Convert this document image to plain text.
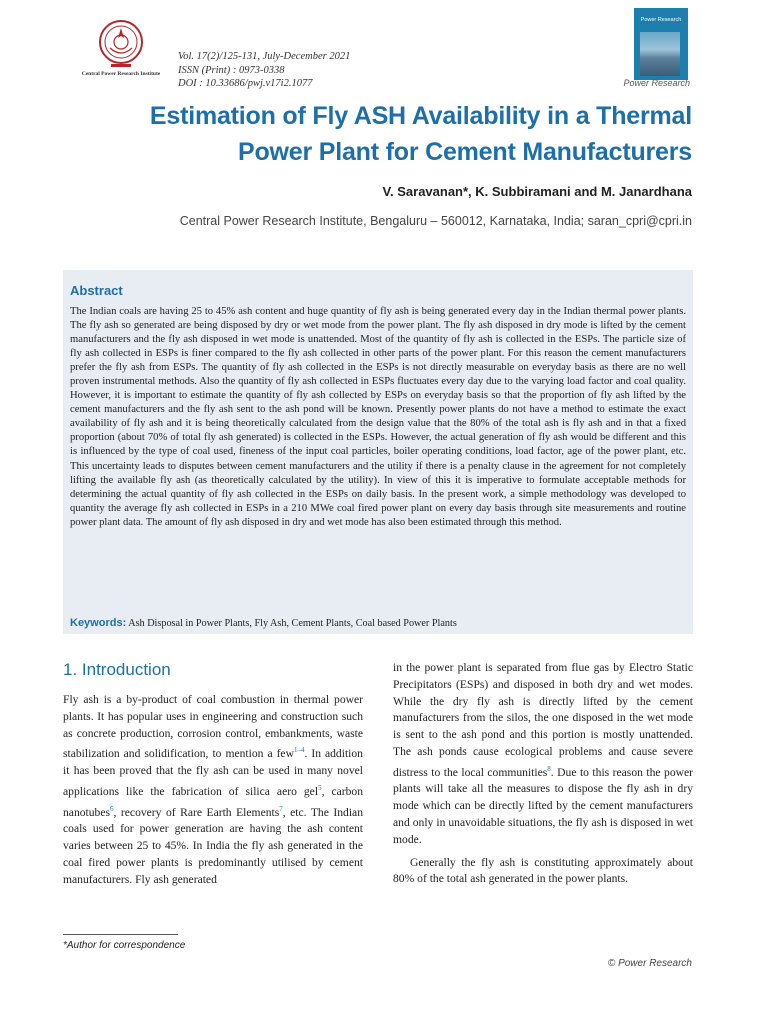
Central Power Research Institute
Vol. 17(2)/125-131, July-December 2021
ISSN (Print) : 0973-0338
DOI : 10.33686/pwj.v17i2.1077
Power Research
Power Research
Estimation of Fly ASH Availability in a Thermal
Power Plant for Cement Manufacturers
V. Saravanan*, K. Subbiramani and M. Janardhana
Central Power Research Institute, Bengaluru – 560012, Karnataka, India; saran_cpri@cpri.in
Abstract
The Indian coals are having 25 to 45% ash content and huge quantity of fly ash is being generated every day in the Indian thermal power plants. The fly ash so generated are being disposed by dry or wet mode from the power plant. The fly ash disposed in dry mode is lifted by the cement manufacturers and the fly ash disposed in wet mode is unattended. Most of the quantity of fly ash is collected in the ESPs. The particle size of fly ash collected in ESPs is finer compared to the fly ash collected in other parts of the power plant. For this reason the cement manufacturers prefer the fly ash from ESPs. The quantity of fly ash collected in the ESPs is not directly measurable on everyday basis as there are no well proven instrumental methods. Also the quantity of fly ash collected in ESPs fluctuates every day due to the varying load factor and coal quality. However, it is important to estimate the quantity of fly ash collected by ESPs on everyday basis so that the proportion of fly ash lifted by the cement manufacturers and the fly ash sent to the ash pond will be known. Presently power plants do not have a method to estimate the exact availability of fly ash and it is being theoretically calculated from the design value that the 80% of the total ash is fly ash and in that a fixed proportion (about 70% of total fly ash generated) is collected in the ESPs. However, the actual generation of fly ash would be different and this is influenced by the type of coal used, fineness of the input coal particles, boiler operating conditions, load factor, age of the power plant, etc. This uncertainty leads to disputes between cement manufacturers and the utility if there is a penalty clause in the agreement for not completely lifting the available fly ash (as theoretically calculated by the utility). In view of this it is imperative to formulate acceptable methods for determining the actual quantity of fly ash collected in the ESPs on daily basis. In the present work, a simple methodology was developed to quantity the average fly ash collected in ESPs in a 210 MWe coal fired power plant on every day basis through site measurements and routine power plant data. The amount of fly ash disposed in dry and wet mode has also been estimated through this method.
Keywords: Ash Disposal in Power Plants, Fly Ash, Cement Plants, Coal based Power Plants
1. Introduction

Fly ash is a by-product of coal combustion in thermal power plants. It has popular uses in engineering and construction such as concrete production, corrosion control, embankments, waste stabilization and solidification, to mention a few$^{1-4}$. In addition it has been proved that the fly ash can be used in many novel applications like the fabrication of silica aero gel$^5$, carbon nanotubes$^6$, recovery of Rare Earth Elements$^7$, etc. The Indian coals used for power generation are having the ash content varies between 25 to 45%. In India the fly ash generated in the coal fired power plants is predominantly utilised by cement manufacturers. Fly ash generated

in the power plant is separated from flue gas by Electro Static Precipitators (ESPs) and disposed in both dry and wet modes. While the dry fly ash is directly lifted by the cement manufacturers from the silos, the one disposed in the wet mode is sent to the ash pond and this portion is mostly unattended. The ash ponds cause ecological problems and cause severe distress to the local communities$^8$. Due to this reason the power plants will take all the measures to dispose the fly ash in dry mode which can be directly lifted by the cement manufacturers and only in unavoidable situations, the fly ash is disposed in wet mode.

Generally the fly ash is constituting approximately about 80% of the total ash generated in the power plants.

*Author for correspondence
© Power Research
